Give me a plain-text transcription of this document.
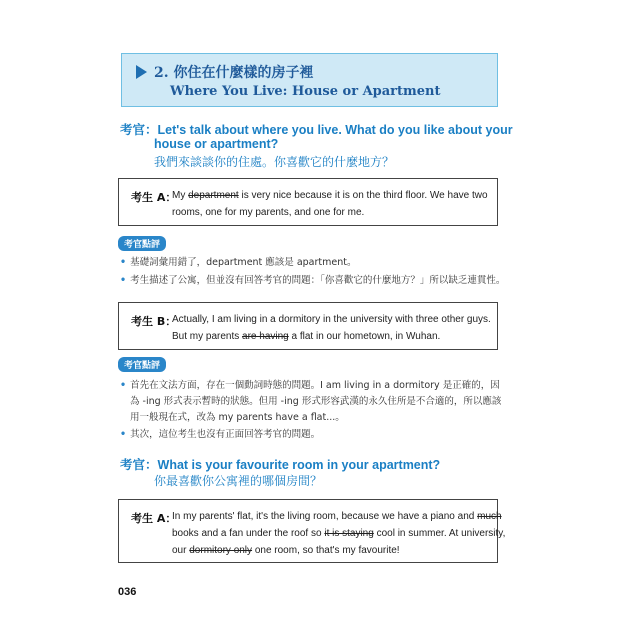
2. 你住在什麼樣的房子裡
Where You Live: House or Apartment
考官：Let's talk about where you live. What do you like about your
house or apartment?
我們來談談你的住處。你喜歡它的什麼地方？
考生 A：
My department is very nice because it is on the third floor. We have two
rooms, one for my parents, and one for me.
考官點評
• 基礎詞彙用錯了，department 應該是 apartment。
• 考生描述了公寓，但並沒有回答考官的問題：「你喜歡它的什麼地方？」所以缺乏連貫性。
考生 B：
Actually, I am living in a dormitory in the university with three other guys.
But my parents are having a flat in our hometown, in Wuhan.
考官點評
• 首先在文法方面，存在一個動詞時態的問題。I am living in a dormitory 是正確的，因
為 -ing 形式表示暫時的狀態。但用 -ing 形式形容武漢的永久住所是不合適的，所以應該
用一般現在式，改為 my parents have a flat...。
• 其次，這位考生也沒有正面回答考官的問題。
考官：What is your favourite room in your apartment?
你最喜歡你公寓裡的哪個房間？
考生 A：
In my parents' flat, it's the living room, because we have a piano and much
books and a fan under the roof so it is staying cool in summer. At university,
our dormitory only one room, so that's my favourite!
036
